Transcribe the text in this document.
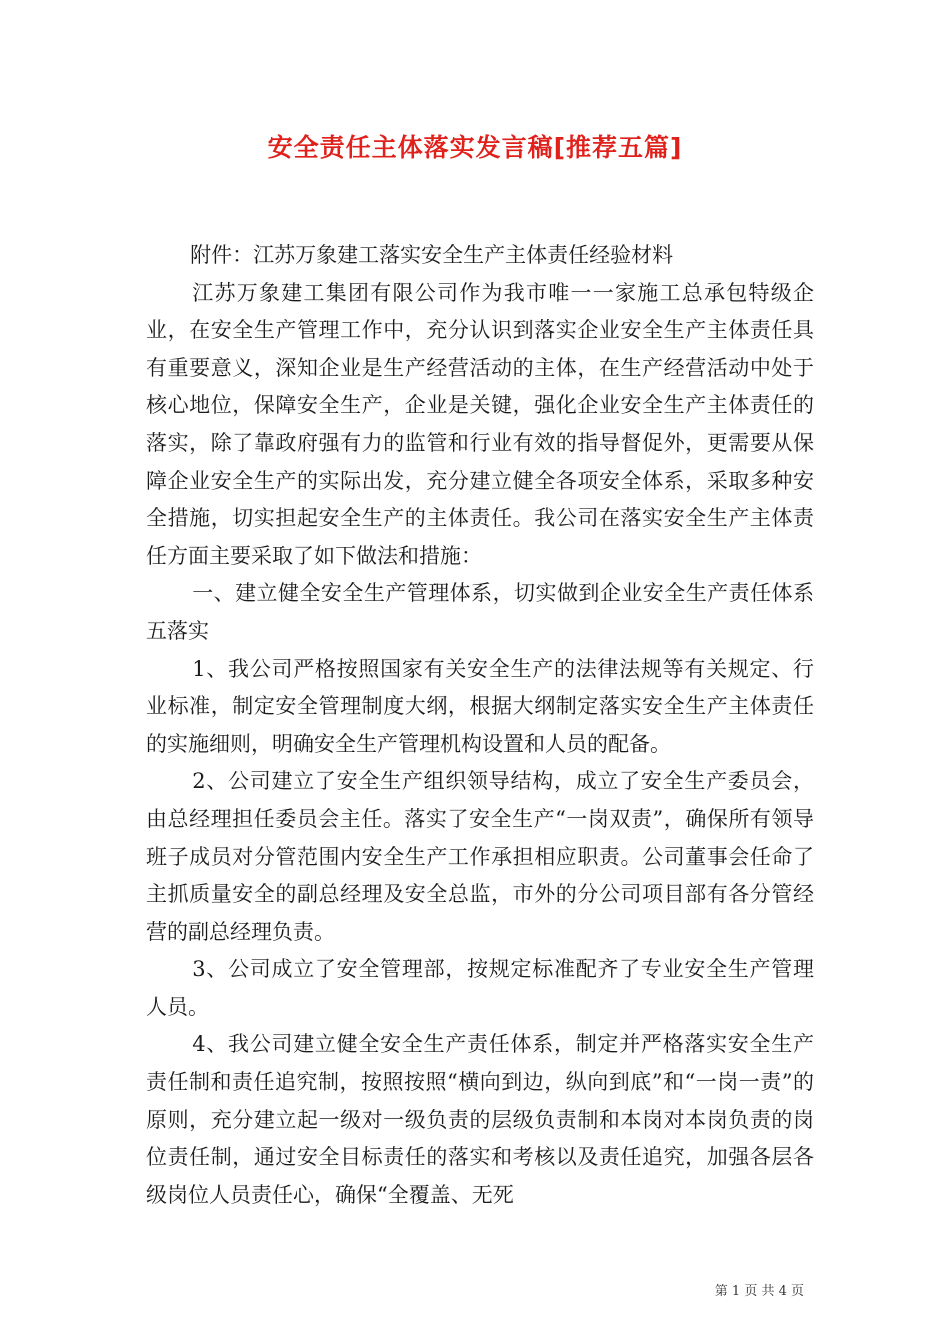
安全责任主体落实发言稿[推荐五篇]

附件：江苏万象建工落实安全生产主体责任经验材料

江苏万象建工集团有限公司作为我市唯一一家施工总承包特级企业，在安全生产管理工作中，充分认识到落实企业安全生产主体责任具有重要意义，深知企业是生产经营活动的主体，在生产经营活动中处于核心地位，保障安全生产，企业是关键，强化企业安全生产主体责任的落实，除了靠政府强有力的监管和行业有效的指导督促外，更需要从保障企业安全生产的实际出发，充分建立健全各项安全体系，采取多种安全措施，切实担起安全生产的主体责任。我公司在落实安全生产主体责任方面主要采取了如下做法和措施：

一、建立健全安全生产管理体系，切实做到企业安全生产责任体系五落实

1、我公司严格按照国家有关安全生产的法律法规等有关规定、行业标准，制定安全管理制度大纲，根据大纲制定落实安全生产主体责任的实施细则，明确安全生产管理机构设置和人员的配备。

2、公司建立了安全生产组织领导结构，成立了安全生产委员会，由总经理担任委员会主任。落实了安全生产“一岗双责”，确保所有领导班子成员对分管范围内安全生产工作承担相应职责。公司董事会任命了主抓质量安全的副总经理及安全总监，市外的分公司项目部有各分管经营的副总经理负责。

3、公司成立了安全管理部，按规定标准配齐了专业安全生产管理人员。

4、我公司建立健全安全生产责任体系，制定并严格落实安全生产责任制和责任追究制，按照按照“横向到边，纵向到底”和“一岗一责”的原则，充分建立起一级对一级负责的层级负责制和本岗对本岗负责的岗位责任制，通过安全目标责任的落实和考核以及责任追究，加强各层各级岗位人员责任心，确保“全覆盖、无死

第 1 页 共 4 页
